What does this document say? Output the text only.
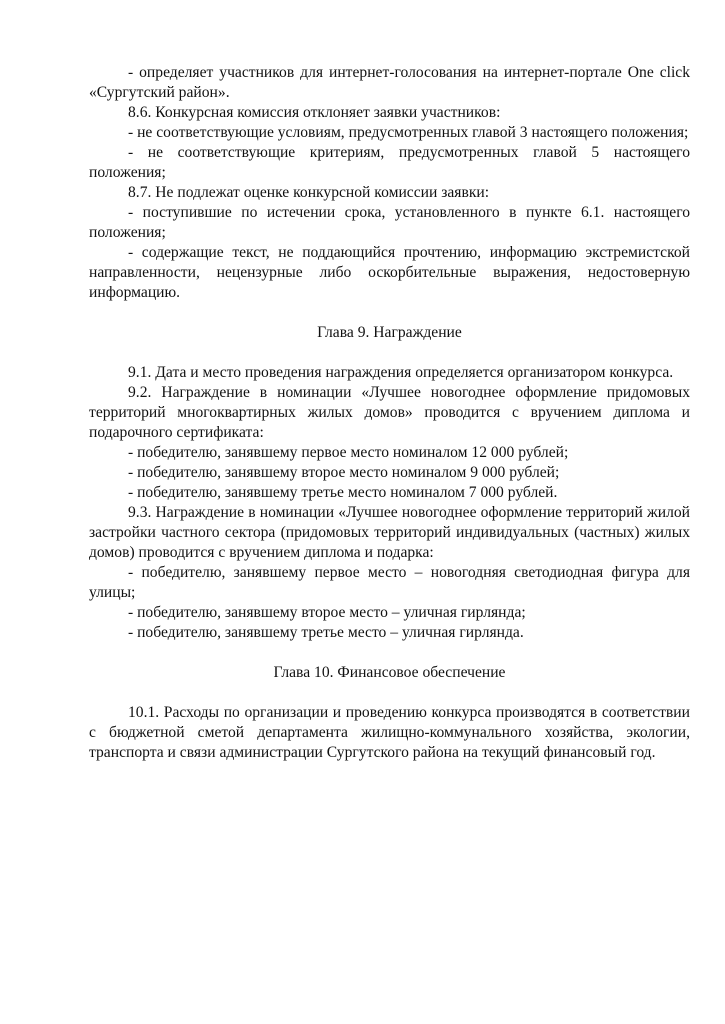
- определяет участников для интернет-голосования на интернет-портале One click «Сургутский район».

8.6. Конкурсная комиссия отклоняет заявки участников:

- не соответствующие условиям, предусмотренных главой 3 настоящего положения;

- не соответствующие критериям, предусмотренных главой 5 настоящего положения;

8.7. Не подлежат оценке конкурсной комиссии заявки:

- поступившие по истечении срока, установленного в пункте 6.1. настоящего положения;

- содержащие текст, не поддающийся прочтению, информацию экстремистской направленности, нецензурные либо оскорбительные выражения, недостоверную информацию.

Глава 9. Награждение

9.1. Дата и место проведения награждения определяется организатором конкурса.

9.2. Награждение в номинации «Лучшее новогоднее оформление придомовых территорий многоквартирных жилых домов» проводится с вручением диплома и подарочного сертификата:

- победителю, занявшему первое место номиналом 12 000 рублей;

- победителю, занявшему второе место номиналом 9 000 рублей;

- победителю, занявшему третье место номиналом 7 000 рублей.

9.3. Награждение в номинации «Лучшее новогоднее оформление территорий жилой застройки частного сектора (придомовых территорий индивидуальных (частных) жилых домов) проводится с вручением диплома и подарка:

- победителю, занявшему первое место – новогодняя светодиодная фигура для улицы;

- победителю, занявшему второе место – уличная гирлянда;

- победителю, занявшему третье место – уличная гирлянда.

Глава 10. Финансовое обеспечение

10.1. Расходы по организации и проведению конкурса производятся в соответствии с бюджетной сметой департамента жилищно-коммунального хозяйства, экологии, транспорта и связи администрации Сургутского района на текущий финансовый год.
